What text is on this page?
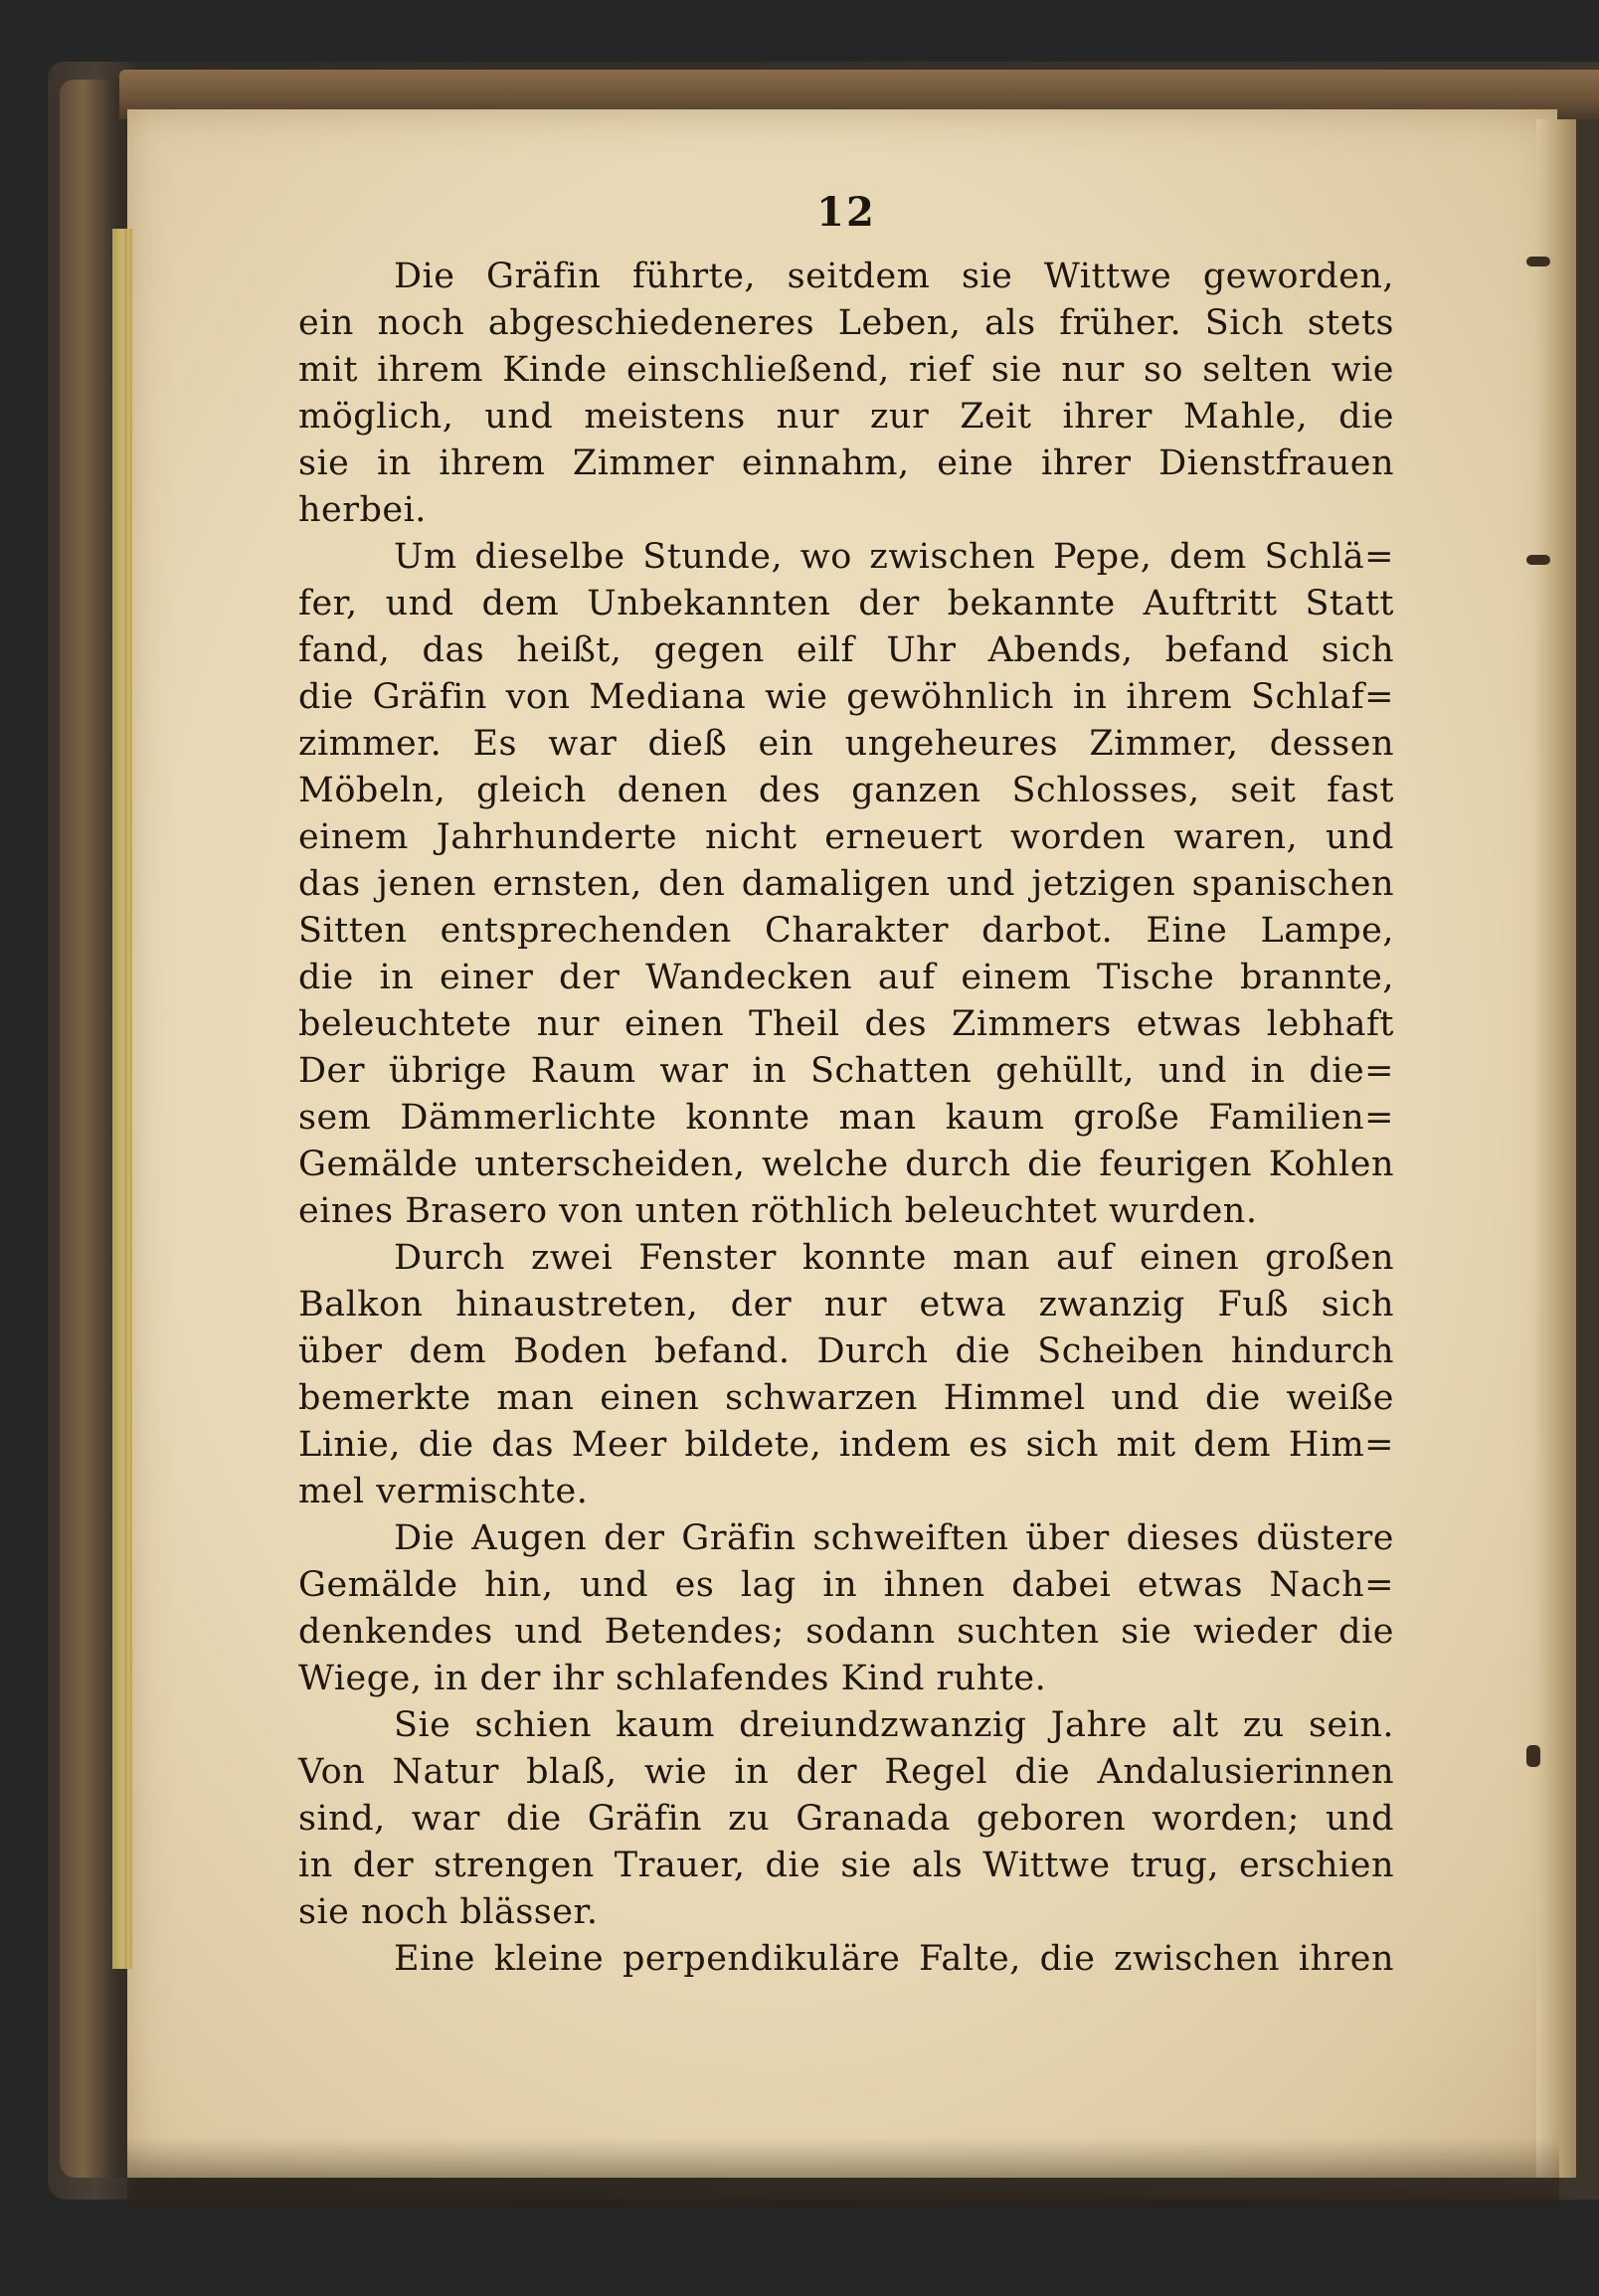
12
Die Gräfin führte, seitdem sie Wittwe geworden,
ein noch abgeschiedeneres Leben, als früher. Sich stets
mit ihrem Kinde einschließend, rief sie nur so selten wie
möglich, und meistens nur zur Zeit ihrer Mahle, die
sie in ihrem Zimmer einnahm, eine ihrer Dienstfrauen
herbei.
Um dieselbe Stunde, wo zwischen Pepe, dem Schlä=
fer, und dem Unbekannten der bekannte Auftritt Statt
fand, das heißt, gegen eilf Uhr Abends, befand sich
die Gräfin von Mediana wie gewöhnlich in ihrem Schlaf=
zimmer. Es war dieß ein ungeheures Zimmer, dessen
Möbeln, gleich denen des ganzen Schlosses, seit fast
einem Jahrhunderte nicht erneuert worden waren, und
das jenen ernsten, den damaligen und jetzigen spanischen
Sitten entsprechenden Charakter darbot. Eine Lampe,
die in einer der Wandecken auf einem Tische brannte,
beleuchtete nur einen Theil des Zimmers etwas lebhaft
Der übrige Raum war in Schatten gehüllt, und in die=
sem Dämmerlichte konnte man kaum große Familien=
Gemälde unterscheiden, welche durch die feurigen Kohlen
eines Brasero von unten röthlich beleuchtet wurden.
Durch zwei Fenster konnte man auf einen großen
Balkon hinaustreten, der nur etwa zwanzig Fuß sich
über dem Boden befand. Durch die Scheiben hindurch
bemerkte man einen schwarzen Himmel und die weiße
Linie, die das Meer bildete, indem es sich mit dem Him=
mel vermischte.
Die Augen der Gräfin schweiften über dieses düstere
Gemälde hin, und es lag in ihnen dabei etwas Nach=
denkendes und Betendes; sodann suchten sie wieder die
Wiege, in der ihr schlafendes Kind ruhte.
Sie schien kaum dreiundzwanzig Jahre alt zu sein.
Von Natur blaß, wie in der Regel die Andalusierinnen
sind, war die Gräfin zu Granada geboren worden; und
in der strengen Trauer, die sie als Wittwe trug, erschien
sie noch blässer.
Eine kleine perpendikuläre Falte, die zwischen ihren
